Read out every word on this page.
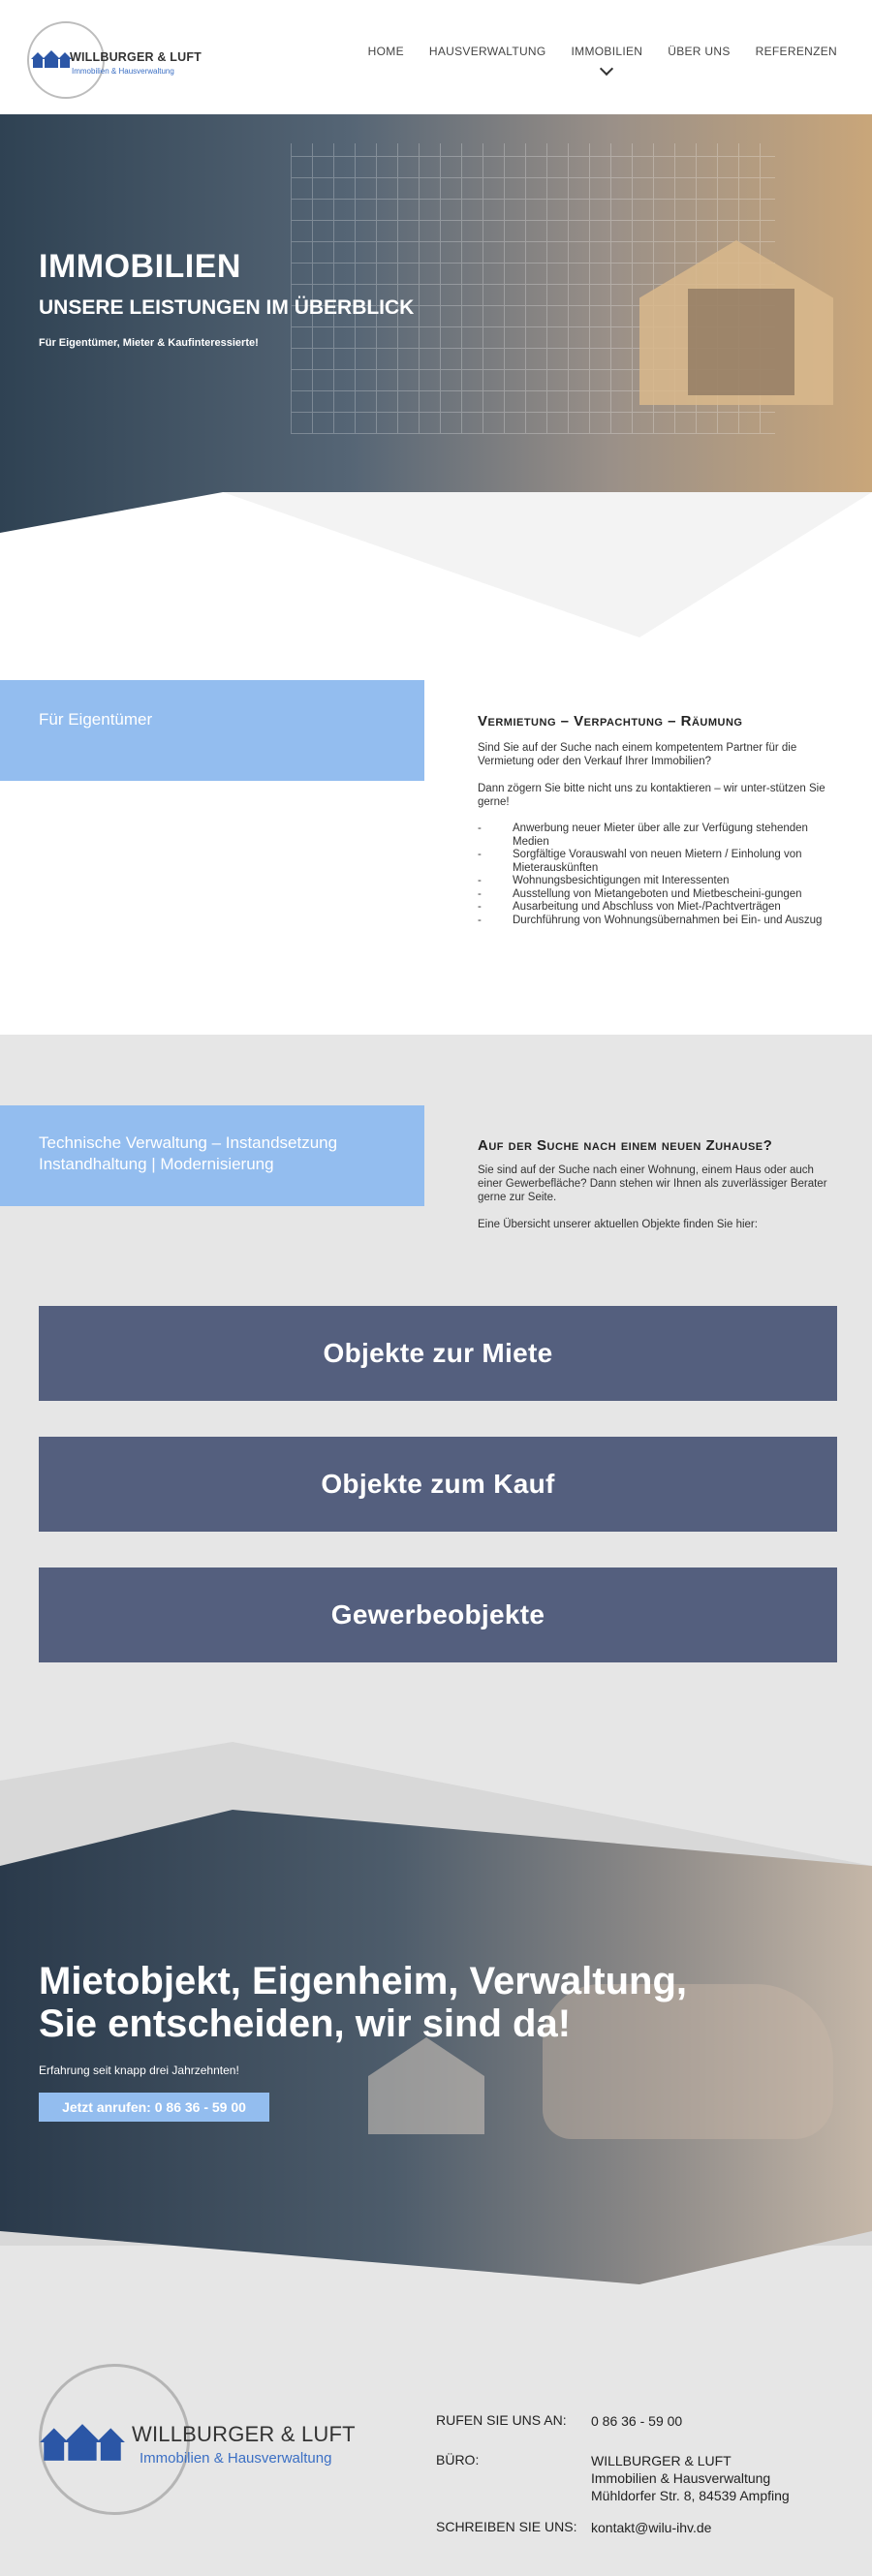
WILLBURGER & LUFT
Immobilien & Hausverwaltung
HOME HAUSVERWALTUNG IMMOBILIEN ÜBER UNS REFERENZEN
IMMOBILIEN
UNSERE LEISTUNGEN IM ÜBERBLICK

Für Eigentümer, Mieter & Kaufinteressierte!

Für Eigentümer	Vermietung – Verpachtung – Räumung

Sind Sie auf der Suche nach einem kompetentem Partner für die Vermietung oder den Verkauf Ihrer Immobilien?

Dann zögern Sie bitte nicht uns zu kontaktieren – wir unter-stützen Sie gerne!

- Anwerbung neuer Mieter über alle zur Verfügung stehenden Medien
- Sorgfältige Vorauswahl von neuen Mietern / Einholung von Mieterauskünften
- Wohnungsbesichtigungen mit Interessenten
- Ausstellung von Mietangeboten und Mietbescheini-gungen
- Ausarbeitung und Abschluss von Miet-/Pachtverträgen
- Durchführung von Wohnungsübernahmen bei Ein- und Auszug
Technische Verwaltung – Instandsetzung
Instandhaltung | Modernisierung
Auf der Suche nach einem neuen Zuhause?

Sie sind auf der Suche nach einer Wohnung, einem Haus oder auch einer Gewerbefläche? Dann stehen wir Ihnen als zuverlässiger Berater gerne zur Seite.

Eine Übersicht unserer aktuellen Objekte finden Sie hier:

Objekte zur Miete
Objekte zum Kauf
Gewerbeobjekte
Mietobjekt, Eigenheim, Verwaltung,
Sie entscheiden, wir sind da!

Erfahrung seit knapp drei Jahrzehnten!

Jetzt anrufen: 0 86 36 - 59 00
WILLBURGER & LUFT
Immobilien & Hausverwaltung
RUFEN SIE UNS AN:	0 86 36 - 59 00
BÜRO:	WILLBURGER & LUFT
Immobilien & Hausverwaltung
Mühldorfer Str. 8, 84539 Ampfing
SCHREIBEN SIE UNS:	kontakt@wilu-ihv.de
